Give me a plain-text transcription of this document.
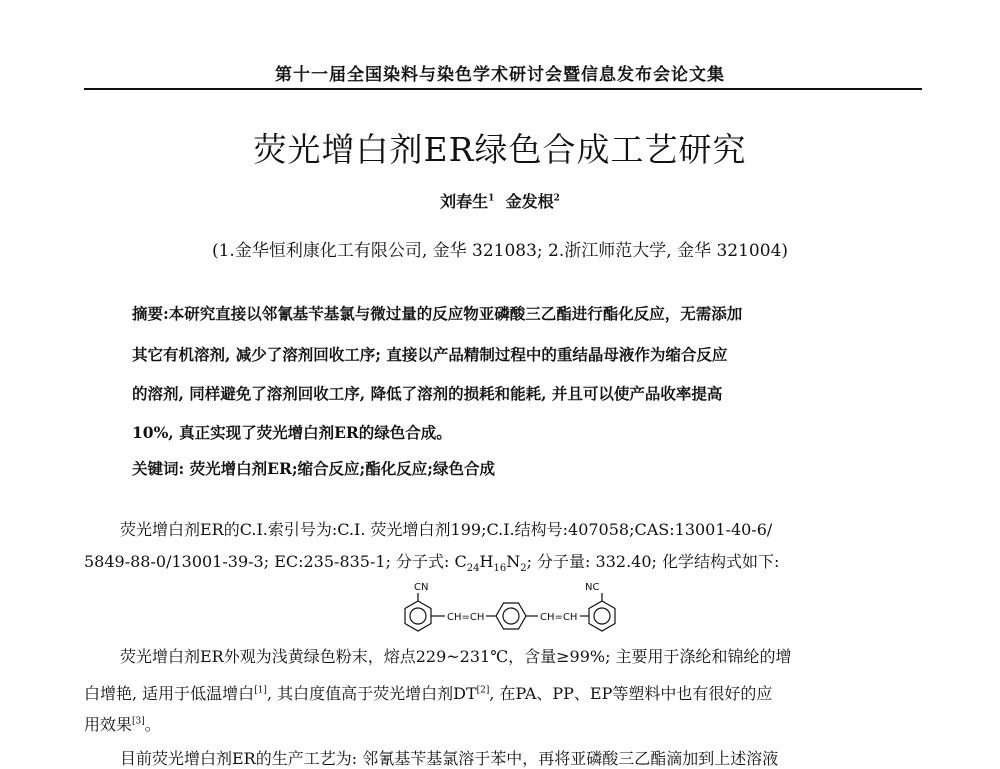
第十一届全国染料与染色学术研讨会暨信息发布会论文集
荧光增白剂ER绿色合成工艺研究
刘春生$^1$ 金发根$^2$
(1.金华恒利康化工有限公司, 金华 321083; 2.浙江师范大学, 金华 321004)
摘要:本研究直接以邻氰基苄基氯与微过量的反应物亚磷酸三乙酯进行酯化反应，无需添加
其它有机溶剂, 减少了溶剂回收工序; 直接以产品精制过程中的重结晶母液作为缩合反应
的溶剂, 同样避免了溶剂回收工序, 降低了溶剂的损耗和能耗, 并且可以使产品收率提高
10%, 真正实现了荧光增白剂ER的绿色合成。
关键词: 荧光增白剂ER;缩合反应;酯化反应;绿色合成
荧光增白剂ER的C.I.索引号为:C.I. 荧光增白剂199;C.I.结构号:407058;CAS:13001-40-6/
5849-88-0/13001-39-3; EC:235-835-1; 分子式: $C_{24}H_{16}N_2$; 分子量: 332.40; 化学结构式如下:
CN	NC
CH=CH	CH=CH
荧光增白剂ER外观为浅黄绿色粉末，熔点229~231℃，含量≥99%; 主要用于涤纶和锦纶的增
白增艳, 适用于低温增白[1], 其白度值高于荧光增白剂DT[2], 在PA、PP、EP等塑料中也有很好的应
用效果[3]。
目前荧光增白剂ER的生产工艺为: 邻氰基苄基氯溶于苯中，再将亚磷酸三乙酯滴加到上述溶液
